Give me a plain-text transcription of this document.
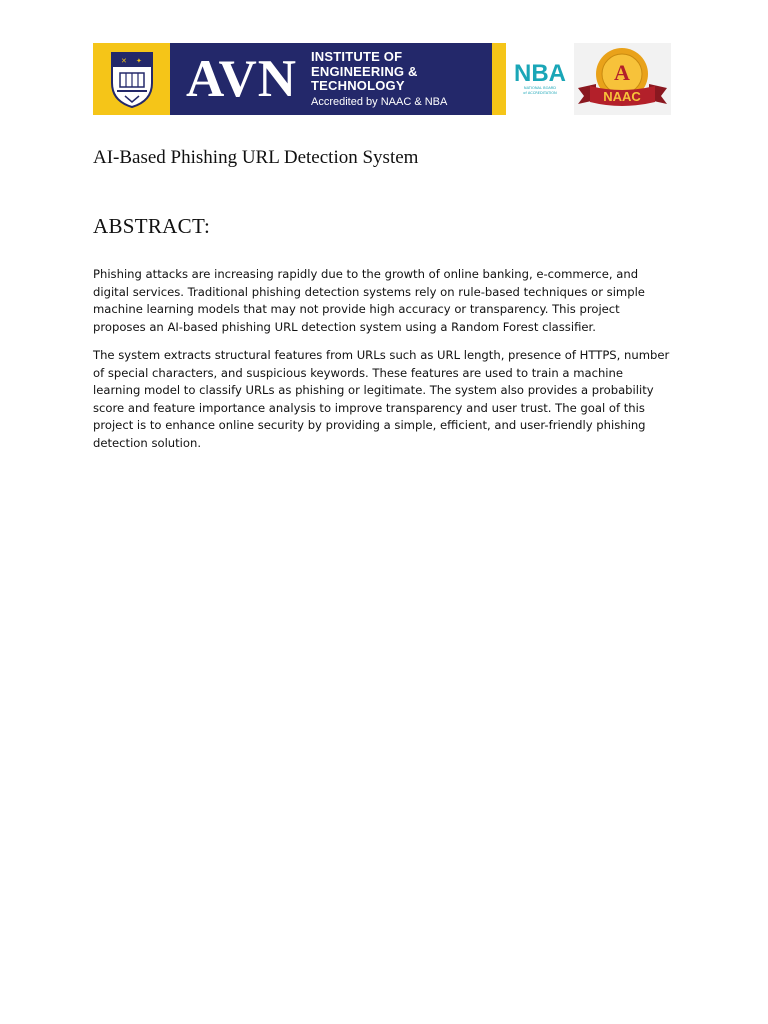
✕ ✦ AVN INSTITUTE OF
ENGINEERING & TECHNOLOGY
Accredited by NAAC & NBA
NBA
NATIONAL BOARD
of ACCREDITATION
A
NAAC
AI-Based Phishing URL Detection System
ABSTRACT:

Phishing attacks are increasing rapidly due to the growth of online banking, e-commerce, and digital services. Traditional phishing detection systems rely on rule-based techniques or simple machine learning models that may not provide high accuracy or transparency. This project proposes an AI-based phishing URL detection system using a Random Forest classifier.

The system extracts structural features from URLs such as URL length, presence of HTTPS, number of special characters, and suspicious keywords. These features are used to train a machine learning model to classify URLs as phishing or legitimate. The system also provides a probability score and feature importance analysis to improve transparency and user trust. The goal of this project is to enhance online security by providing a simple, efficient, and user-friendly phishing detection solution.
